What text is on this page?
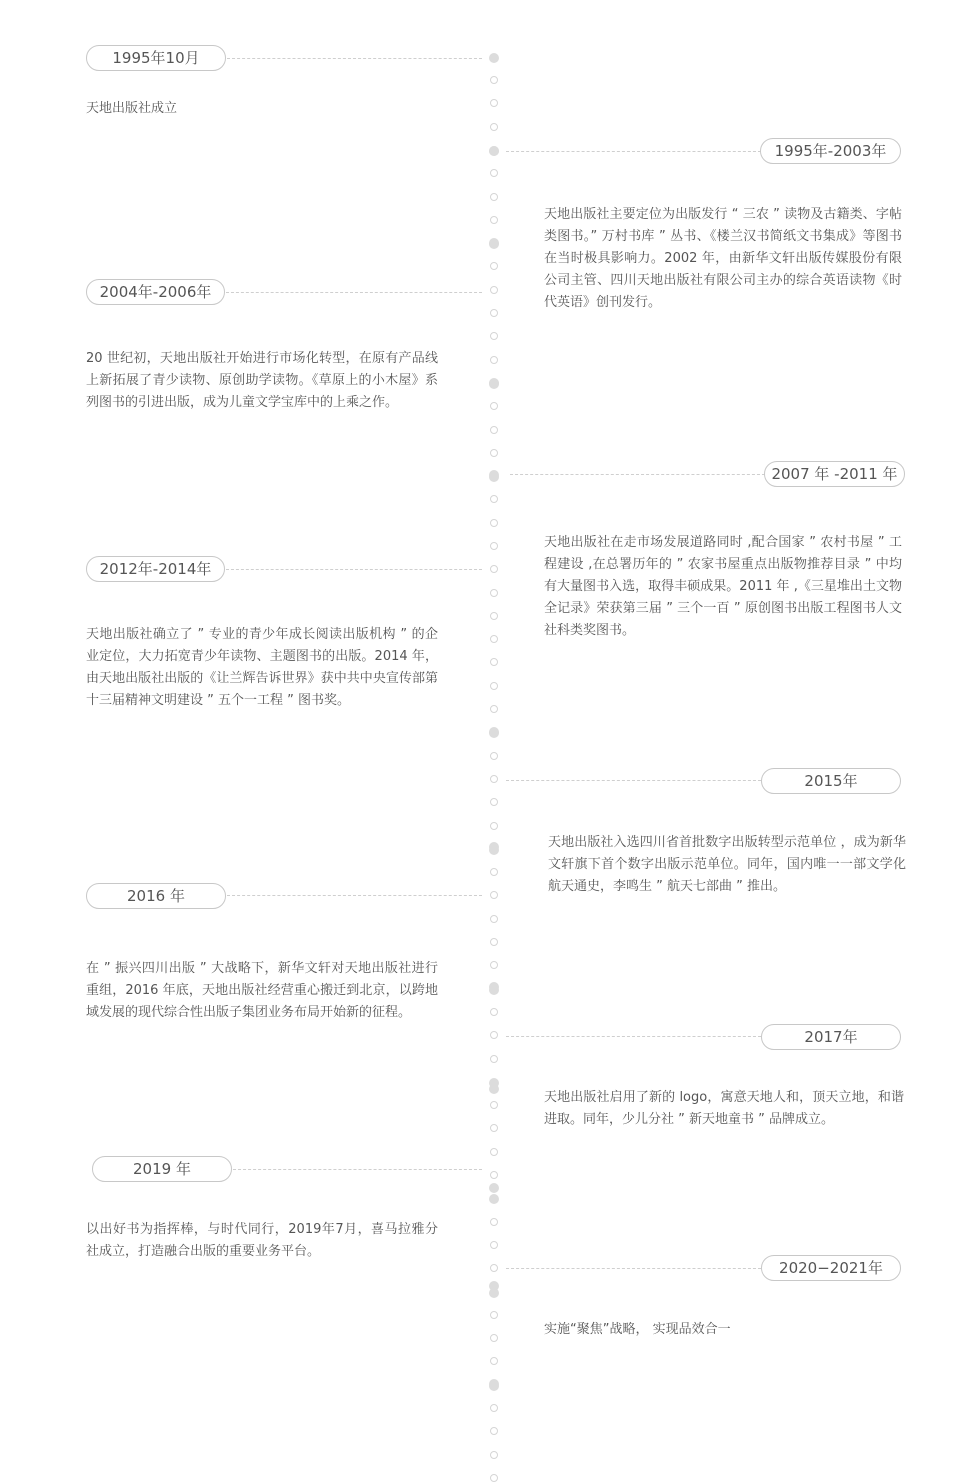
1995年10月
天地出版社成立
1995年-2003年
天地出版社主要定位为出版发行 “ 三农 ” 读物及古籍类、字帖类图书。” 万村书库 ” 丛书、《楼兰汉书简纸文书集成》等图书在当时极具影响力。2002 年，由新华文轩出版传媒股份有限公司主管、四川天地出版社有限公司主办的综合英语读物《时代英语》创刊发行。
2004年-2006年
20 世纪初，天地出版社开始进行市场化转型，在原有产品线上新拓展了青少读物、原创助学读物。《草原上的小木屋》系列图书的引进出版，成为儿童文学宝库中的上乘之作。
2007 年 -2011 年
天地出版社在走市场发展道路同时 ,配合国家 ” 农村书屋 ” 工程建设 ,在总署历年的 ” 农家书屋重点出版物推荐目录 ” 中均有大量图书入选，取得丰硕成果。2011 年 ,《三星堆出土文物全记录》荣获第三届 ” 三个一百 ” 原创图书出版工程图书人文社科类奖图书。
2012年-2014年
天地出版社确立了 ” 专业的青少年成长阅读出版机构 ” 的企业定位，大力拓宽青少年读物、主题图书的出版。2014 年，由天地出版社出版的《让兰辉告诉世界》获中共中央宣传部第十三届精神文明建设 ” 五个一工程 ” 图书奖。
2015年
天地出版社入选四川省首批数字出版转型示范单位 ，成为新华文轩旗下首个数字出版示范单位。同年，国内唯一一部文学化航天通史，李鸣生 ” 航天七部曲 ” 推出。
2016 年
在 ” 振兴四川出版 ” 大战略下，新华文轩对天地出版社进行重组，2016 年底，天地出版社经营重心搬迁到北京，以跨地域发展的现代综合性出版子集团业务布局开始新的征程。
2017年
天地出版社启用了新的 logo，寓意天地人和，顶天立地，和谐进取。同年，少儿分社 ” 新天地童书 ” 品牌成立。
2019 年
以出好书为指挥棒，与时代同行，2019年7月，喜马拉雅分社成立，打造融合出版的重要业务平台。
2020−2021年
实施“聚焦”战略， 实现品效合一
